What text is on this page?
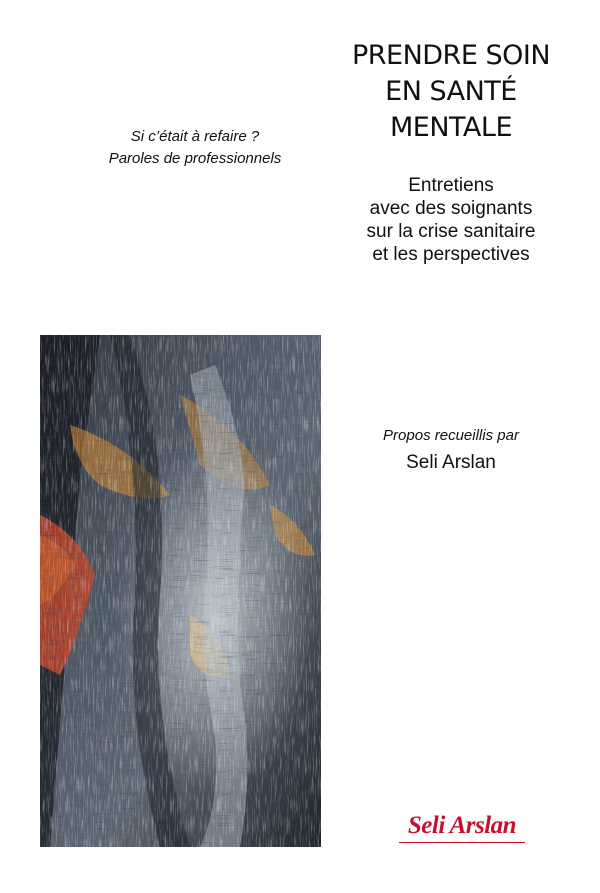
Si c’était à refaire ?
Paroles de professionnels
PRENDRE SOIN
EN SANTÉ
MENTALE
Entretiens
avec des soignants
sur la crise sanitaire
et les perspectives
Propos recueillis par
Seli Arslan
Seli Arslan
